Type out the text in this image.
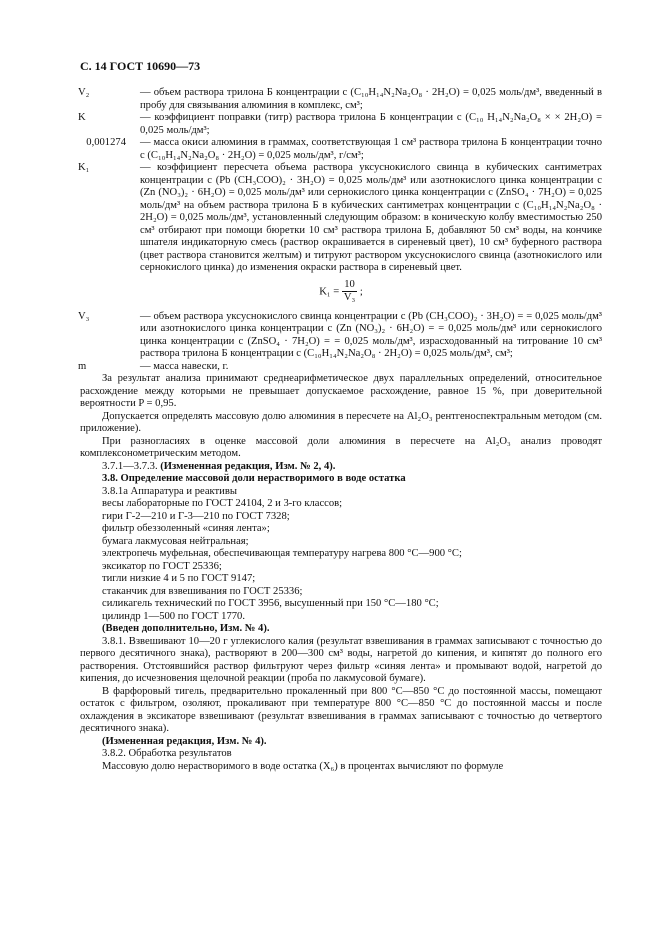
С. 14 ГОСТ 10690—73
V₂	— объем раствора трилона Б концентрации c (C₁₀H₁₄N₂Na₂O₈ · 2H₂O) = 0,025 моль/дм³, введенный в пробу для связывания алюминия в комплекс, см³;
K	— коэффициент поправки (титр) раствора трилона Б концентрации c (C₁₀ H₁₄N₂Na₂O₈ × × 2H₂O) = 0,025 моль/дм³;
0,001274 — масса окиси алюминия в граммах, соответствующая 1 см³ раствора трилона Б концентрации точно c (C₁₀H₁₄N₂Na₂O₈ · 2H₂O) = 0,025 моль/дм³, г/см³;
K₁	— коэффициент пересчета объема раствора уксуснокислого свинца в кубических сантиметрах концентрации c (Pb (CH₃COO)₂ · 3H₂O) = 0,025 моль/дм³ или азотнокислого цинка концентрации c (Zn (NO₃)₂ · 6H₂O) = 0,025 моль/дм³ или сернокислого цинка концентрации c (ZnSO₄ · 7H₂O) = 0,025 моль/дм³ на объем раствора трилона Б в кубических сантиметрах концентрации c (C₁₀H₁₄N₂Na₂O₈ · 2H₂O) = 0,025 моль/дм³, установленный следующим образом: в коническую колбу вместимостью 250 см³ отбирают при помощи бюретки 10 см³ раствора трилона Б, добавляют 50 см³ воды, на кончике шпателя индикаторную смесь (раствор окрашивается в сиреневый цвет), 10 см³ буферного раствора (цвет раствора становится желтым) и титруют раствором уксуснокислого свинца (азотнокислого или сернокислого цинка) до изменения окраски раствора в сиреневый цвет.
$K_1 = \frac{10}{\text{V₃}}$ ;
V₃	— объем раствора уксуснокислого свинца концентрации c (Pb (CH₃COO)₂ · 3H₂O) = = 0,025 моль/дм³ или азотнокислого цинка концентрации c (Zn (NO₃)₂ · 6H₂O) = = 0,025 моль/дм³ или сернокислого цинка концентрации c (ZnSO₄ · 7H₂O) = = 0,025 моль/дм³, израсходованный на титрование 10 см³ раствора трилона Б концентрации c (C₁₀H₁₄N₂Na₂O₈ · 2H₂O) = 0,025 моль/дм³, см³;
m	— масса навески, г.

За результат анализа принимают среднеарифметическое двух параллельных определений, относительное расхождение между которыми не превышает допускаемое расхождение, равное 15 %, при доверительной вероятности P = 0,95.

Допускается определять массовую долю алюминия в пересчете на Al₂O₃ рентгеноспектральным методом (см. приложение).

При разногласиях в оценке массовой доли алюминия в пересчете на Al₂O₃ анализ проводят комплексонометрическим методом.

3.7.1—3.7.3. (Измененная редакция, Изм. № 2, 4).

3.8. Определение массовой доли нерастворимого в воде остатка

3.8.1а Аппаратура и реактивы

весы лабораторные по ГОСТ 24104, 2 и 3-го классов;

гири Г-2—210 и Г-3—210 по ГОСТ 7328;

фильтр обеззоленный «синяя лента»;

бумага лакмусовая нейтральная;

электропечь муфельная, обеспечивающая температуру нагрева 800 °С—900 °С;

эксикатор по ГОСТ 25336;

тигли низкие 4 и 5 по ГОСТ 9147;

стаканчик для взвешивания по ГОСТ 25336;

силикагель технический по ГОСТ 3956, высушенный при 150 °С—180 °С;

цилиндр 1—500 по ГОСТ 1770.

(Введен дополнительно, Изм. № 4).

3.8.1. Взвешивают 10—20 г углекислого калия (результат взвешивания в граммах записывают с точностью до первого десятичного знака), растворяют в 200—300 см³ воды, нагретой до кипения, и кипятят до полного его растворения. Отстоявшийся раствор фильтруют через фильтр «синяя лента» и промывают водой, нагретой до кипения, до исчезновения щелочной реакции (проба по лакмусовой бумаге).

В фарфоровый тигель, предварительно прокаленный при 800 °С—850 °С до постоянной массы, помещают остаток с фильтром, озоляют, прокаливают при температуре 800 °С—850 °С до постоянной массы и после охлаждения в эксикаторе взвешивают (результат взвешивания в граммах записывают с точностью до четвертого десятичного знака).

(Измененная редакция, Изм. № 4).

3.8.2. Обработка результатов

Массовую долю нерастворимого в воде остатка (X₆) в процентах вычисляют по формуле
